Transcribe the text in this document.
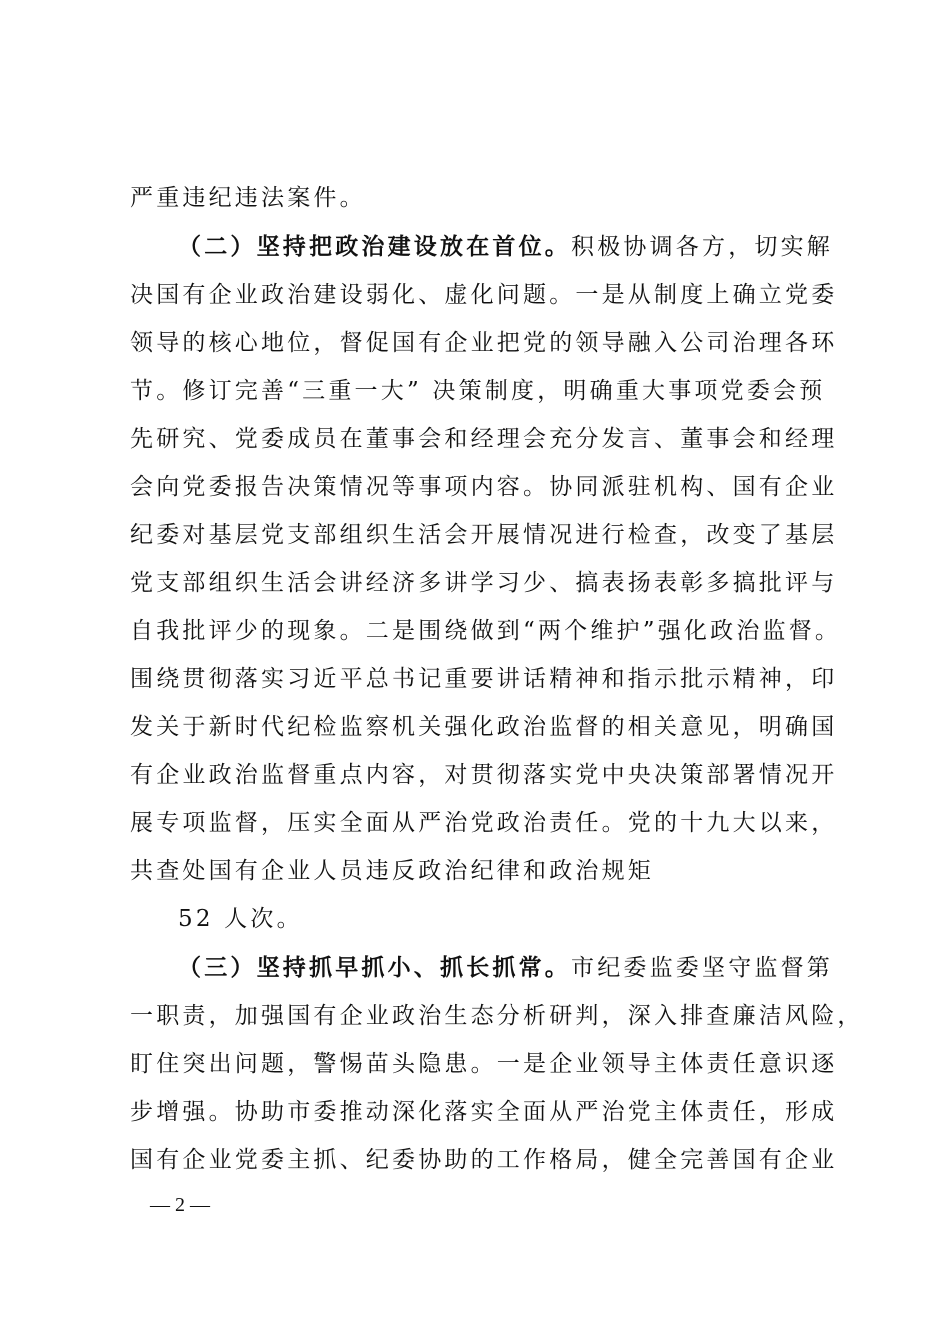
严重违纪违法案件。
（二）坚持把政治建设放在首位。积极协调各方，切实解
决国有企业政治建设弱化、虚化问题。一是从制度上确立党委
领导的核心地位，督促国有企业把党的领导融入公司治理各环
节。修订完善“三重一大” 决策制度，明确重大事项党委会预
先研究、党委成员在董事会和经理会充分发言、董事会和经理
会向党委报告决策情况等事项内容。协同派驻机构、国有企业
纪委对基层党支部组织生活会开展情况进行检查，改变了基层
党支部组织生活会讲经济多讲学习少、搞表扬表彰多搞批评与
自我批评少的现象。二是围绕做到“两个维护”强化政治监督。
围绕贯彻落实习近平总书记重要讲话精神和指示批示精神，印
发关于新时代纪检监察机关强化政治监督的相关意见，明确国
有企业政治监督重点内容，对贯彻落实党中央决策部署情况开
展专项监督，压实全面从严治党政治责任。党的十九大以来，
共查处国有企业人员违反政治纪律和政治规矩
52 人次。
（三）坚持抓早抓小、抓长抓常。市纪委监委坚守监督第
一职责，加强国有企业政治生态分析研判，深入排查廉洁风险，
盯住突出问题，警惕苗头隐患。一是企业领导主体责任意识逐
步增强。协助市委推动深化落实全面从严治党主体责任，形成
国有企业党委主抓、纪委协助的工作格局，健全完善国有企业
— 2 —
